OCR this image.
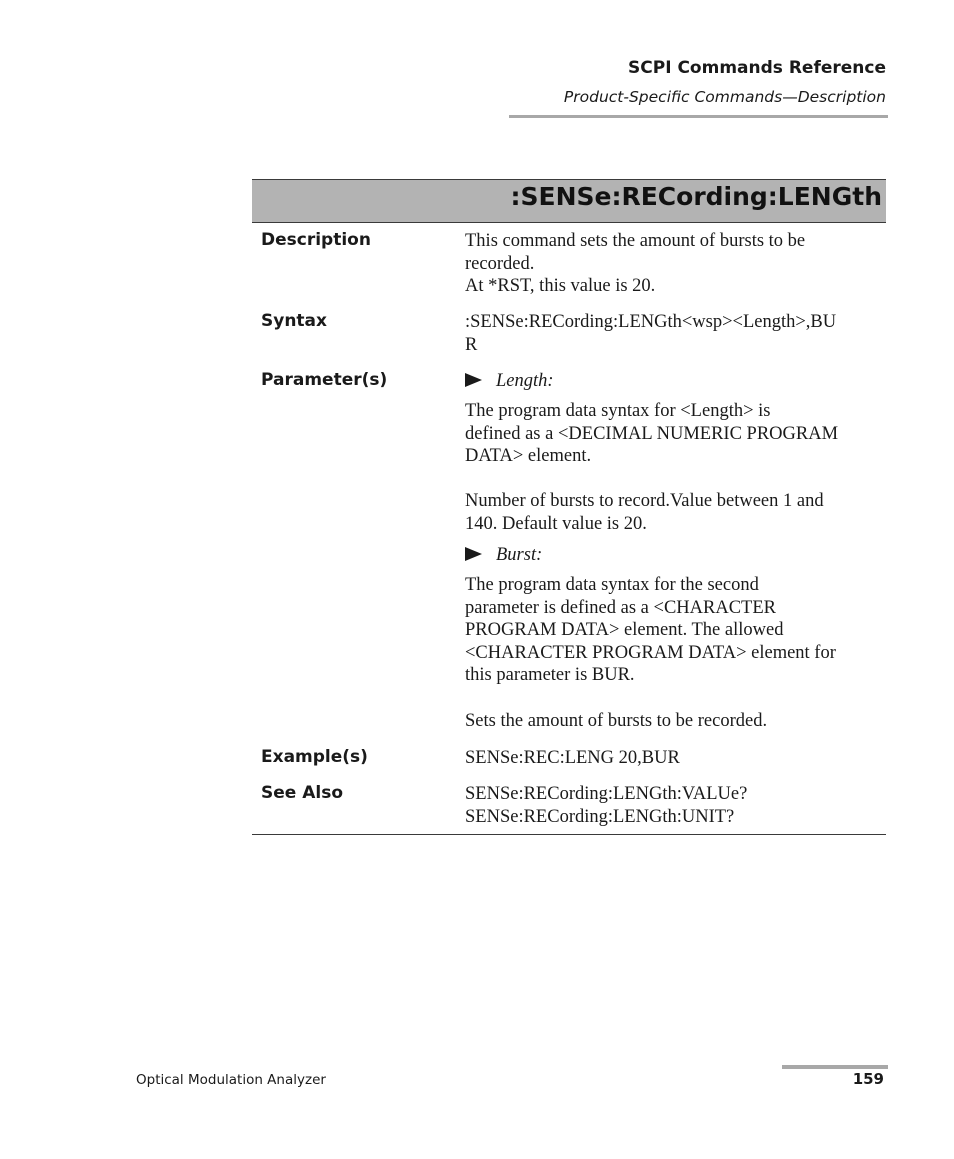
SCPI Commands Reference
Product-Specific Commands—Description
:SENSe:RECording:LENGth
Description	This command sets the amount of bursts to be
recorded.
At *RST, this value is 20.
Syntax	:SENSe:RECording:LENGth<wsp><Length>,BU
R
Parameter(s)	Length:
The program data syntax for <Length> is
defined as a <DECIMAL NUMERIC PROGRAM
DATA> element.
Number of bursts to record.Value between 1 and
140. Default value is 20.
Burst:
The program data syntax for the second
parameter is defined as a <CHARACTER
PROGRAM DATA> element. The allowed
<CHARACTER PROGRAM DATA> element for
this parameter is BUR.
Sets the amount of bursts to be recorded.
Example(s)	SENSe:REC:LENG 20,BUR
See Also	SENSe:RECording:LENGth:VALUe?
SENSe:RECording:LENGth:UNIT?
Optical Modulation Analyzer	159
